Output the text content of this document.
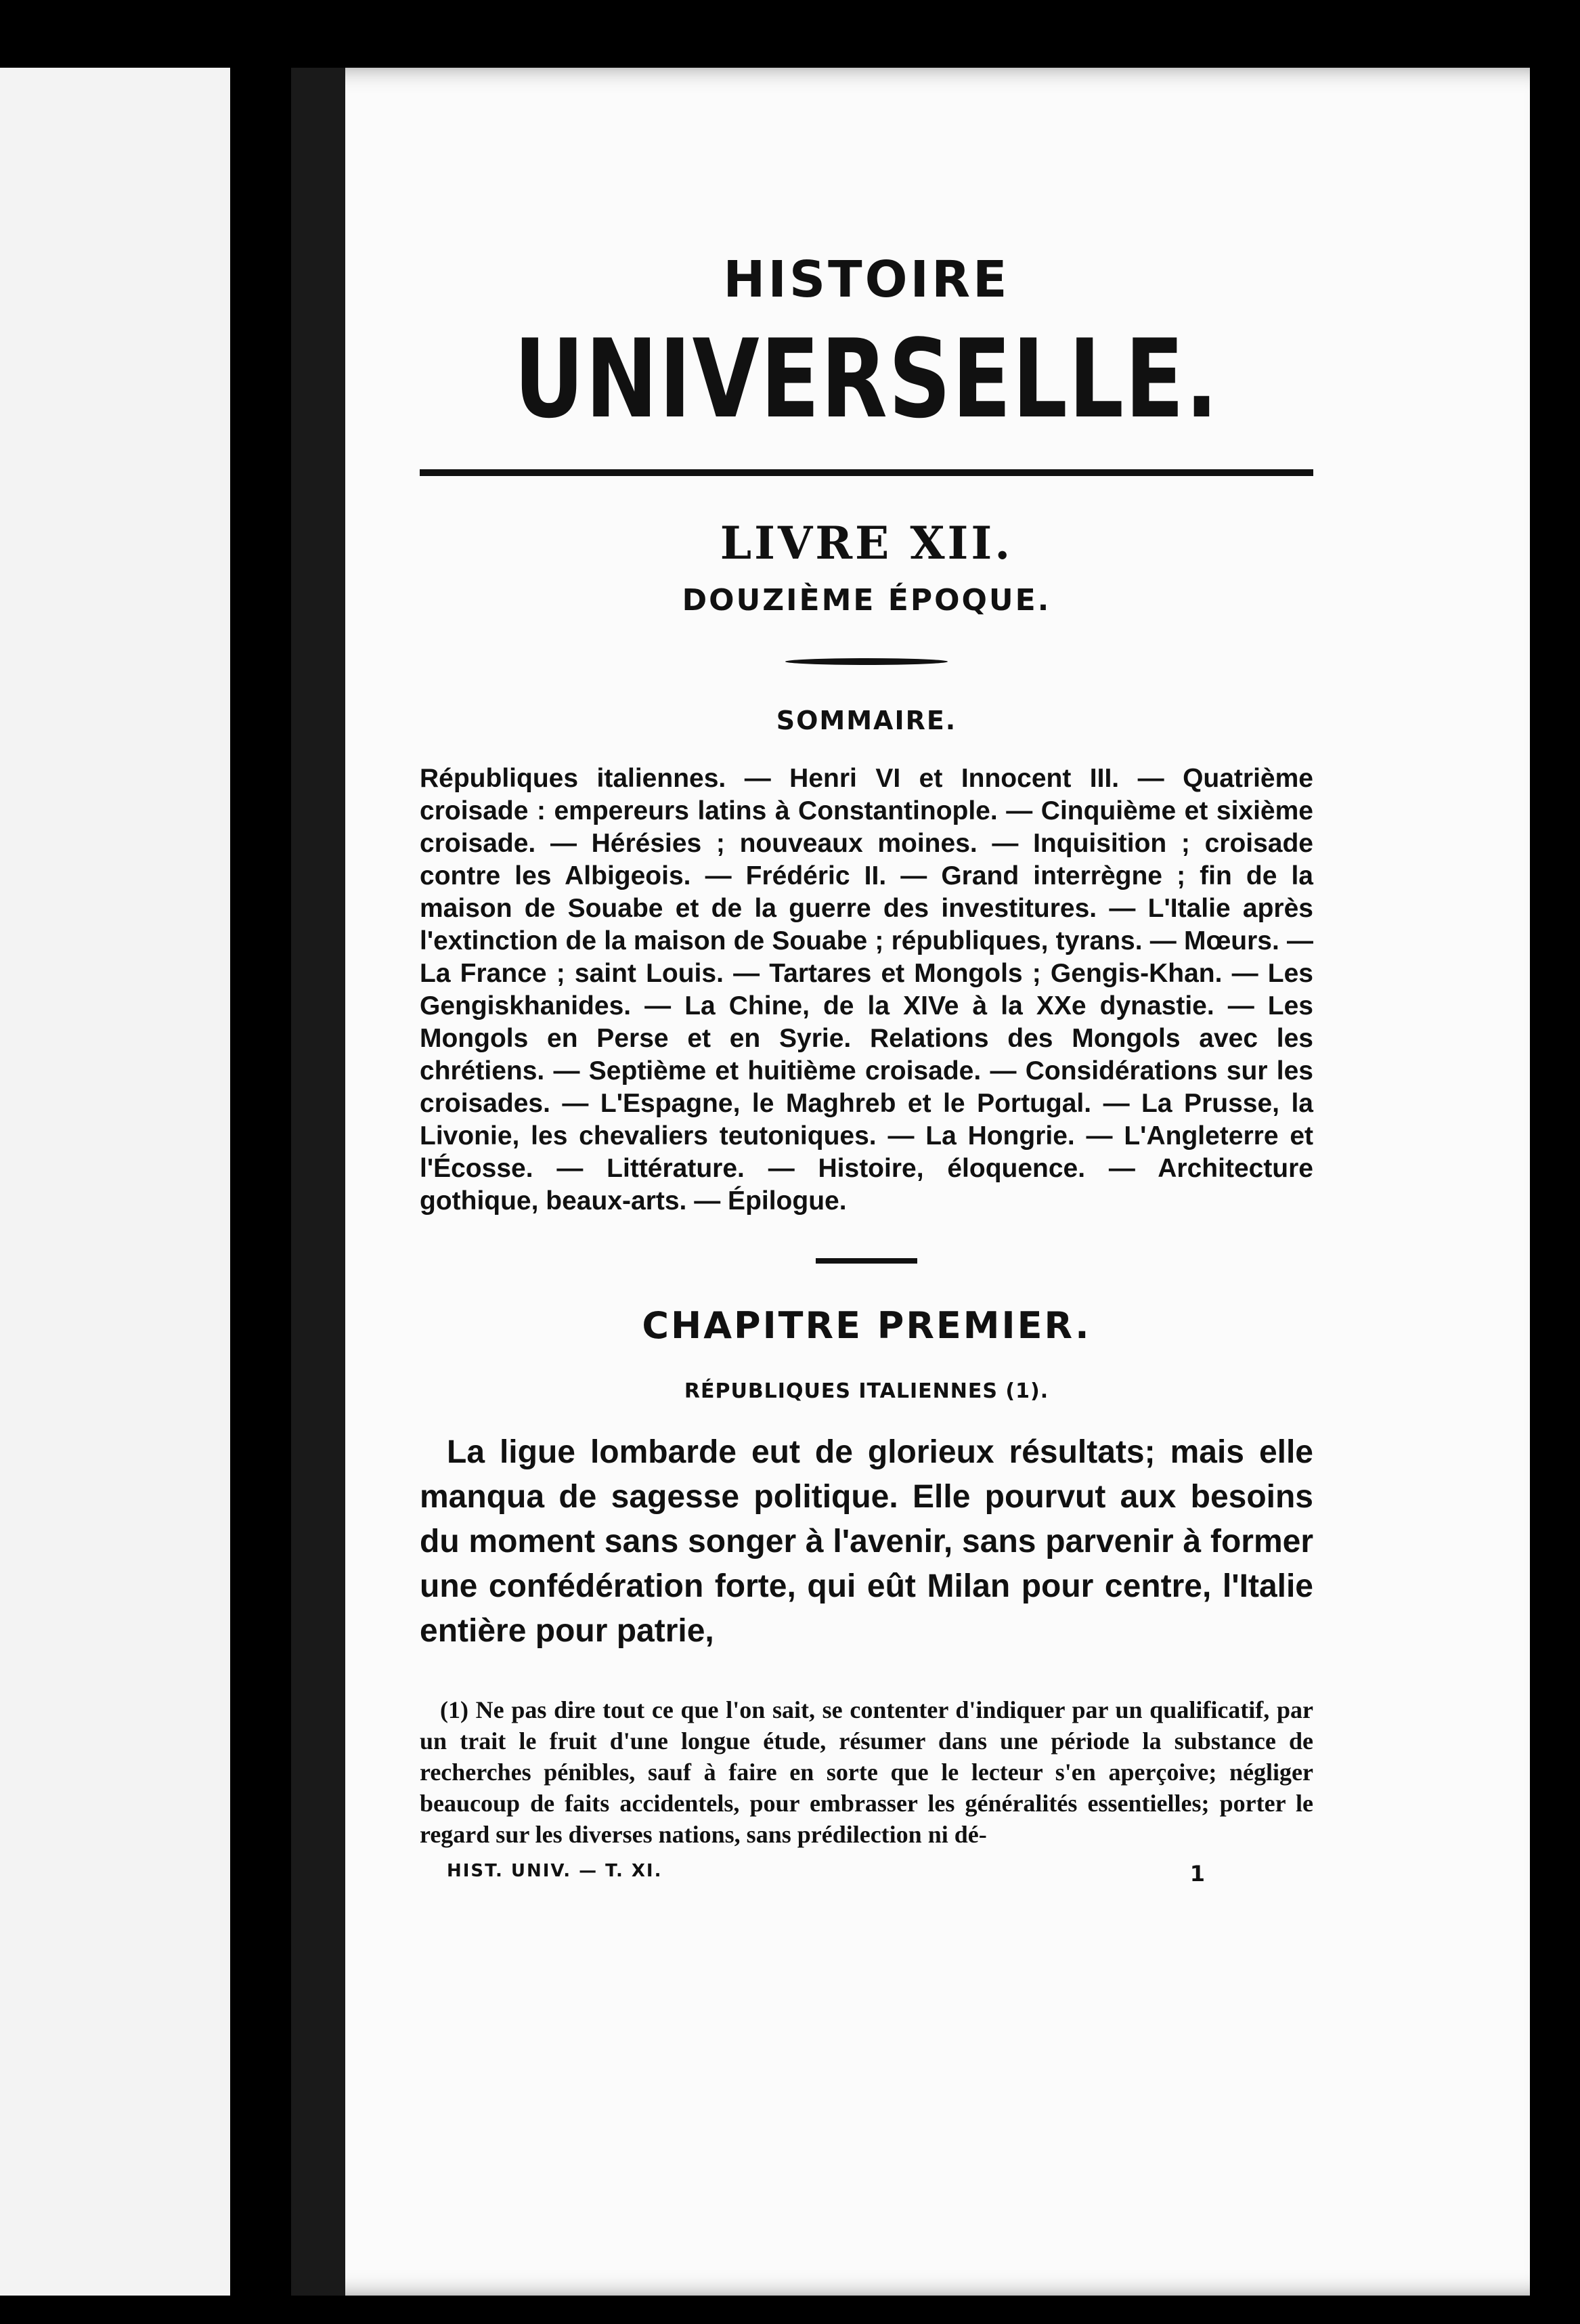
HISTOIRE
UNIVERSELLE.
LIVRE XII.
DOUZIÈME ÉPOQUE.
SOMMAIRE.

Républiques italiennes. — Henri VI et Innocent III. — Quatrième croisade : empereurs latins à Constantinople. — Cinquième et sixième croisade. — Hérésies ; nouveaux moines. — Inquisition ; croisade contre les Albigeois. — Frédéric II. — Grand interrègne ; fin de la maison de Souabe et de la guerre des investitures. — L'Italie après l'extinction de la maison de Souabe ; républiques, tyrans. — Mœurs. — La France ; saint Louis. — Tartares et Mongols ; Gengis-Khan. — Les Gengiskhanides. — La Chine, de la XIVe à la XXe dynastie. — Les Mongols en Perse et en Syrie. Relations des Mongols avec les chrétiens. — Septième et huitième croisade. — Considérations sur les croisades. — L'Espagne, le Maghreb et le Portugal. — La Prusse, la Livonie, les chevaliers teutoniques. — La Hongrie. — L'Angleterre et l'Écosse. — Littérature. — Histoire, éloquence. — Architecture gothique, beaux-arts. — Épilogue.

CHAPITRE PREMIER.
RÉPUBLIQUES ITALIENNES (1).

La ligue lombarde eut de glorieux résultats; mais elle manqua de sagesse politique. Elle pourvut aux besoins du moment sans songer à l'avenir, sans parvenir à former une confédération forte, qui eût Milan pour centre, l'Italie entière pour patrie,

(1) Ne pas dire tout ce que l'on sait, se contenter d'indiquer par un qualificatif, par un trait le fruit d'une longue étude, résumer dans une période la substance de recherches pénibles, sauf à faire en sorte que le lecteur s'en aperçoive; négliger beaucoup de faits accidentels, pour embrasser les généralités essentielles; porter le regard sur les diverses nations, sans prédilection ni dé-

HIST. UNIV. — T. XI.	1
